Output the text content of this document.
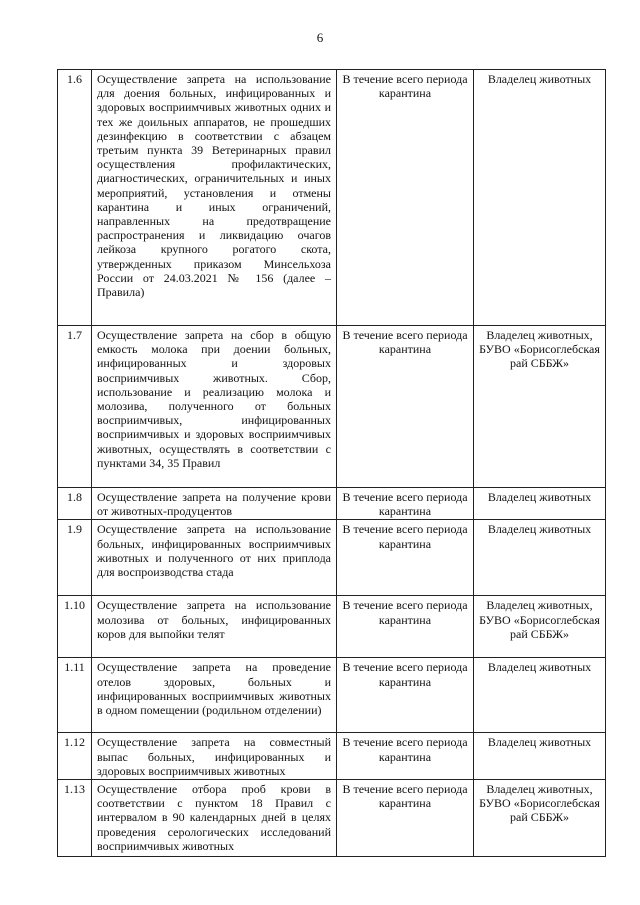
6
1.6	Осуществление запрета на использование для доения больных, инфицированных и здоровых восприимчивых животных одних и тех же доильных аппаратов, не прошедших дезинфекцию в соответствии с абзацем третьим пункта 39 Ветеринарных правил осуществления профилактических, диагностических, ограничительных и иных мероприятий, установления и отмены карантина и иных ограничений, направленных на предотвращение распространения и ликвидацию очагов лейкоза крупного рогатого скота, утвержденных приказом Минсельхоза России от 24.03.2021 № 156 (далее – Правила)	В течение всего периода карантина	Владелец животных
1.7	Осуществление запрета на сбор в общую емкость молока при доении больных, инфицированных и здоровых восприимчивых животных. Сбор, использование и реализацию молока и молозива, полученного от больных восприимчивых, инфицированных восприимчивых и здоровых восприимчивых животных, осуществлять в соответствии с пунктами 34, 35 Правил	В течение всего периода карантина	Владелец животных, БУВО «Борисоглебская рай СББЖ»
1.8	Осуществление запрета на получение крови от животных-продуцентов	В течение всего периода карантина	Владелец животных
1.9	Осуществление запрета на использование больных, инфицированных восприимчивых животных и полученного от них приплода для воспроизводства стада	В течение всего периода карантина	Владелец животных
1.10	Осуществление запрета на использование молозива от больных, инфицированных коров для выпойки телят	В течение всего периода карантина	Владелец животных, БУВО «Борисоглебская рай СББЖ»
1.11	Осуществление запрета на проведение отелов здоровых, больных и инфицированных восприимчивых животных в одном помещении (родильном отделении)	В течение всего периода карантина	Владелец животных
1.12	Осуществление запрета на совместный выпас больных, инфицированных и здоровых восприимчивых животных	В течение всего периода карантина	Владелец животных
1.13	Осуществление отбора проб крови в соответствии с пунктом 18 Правил с интервалом в 90 календарных дней в целях проведения серологических исследований восприимчивых животных	В течение всего периода карантина	Владелец животных, БУВО «Борисоглебская рай СББЖ»
